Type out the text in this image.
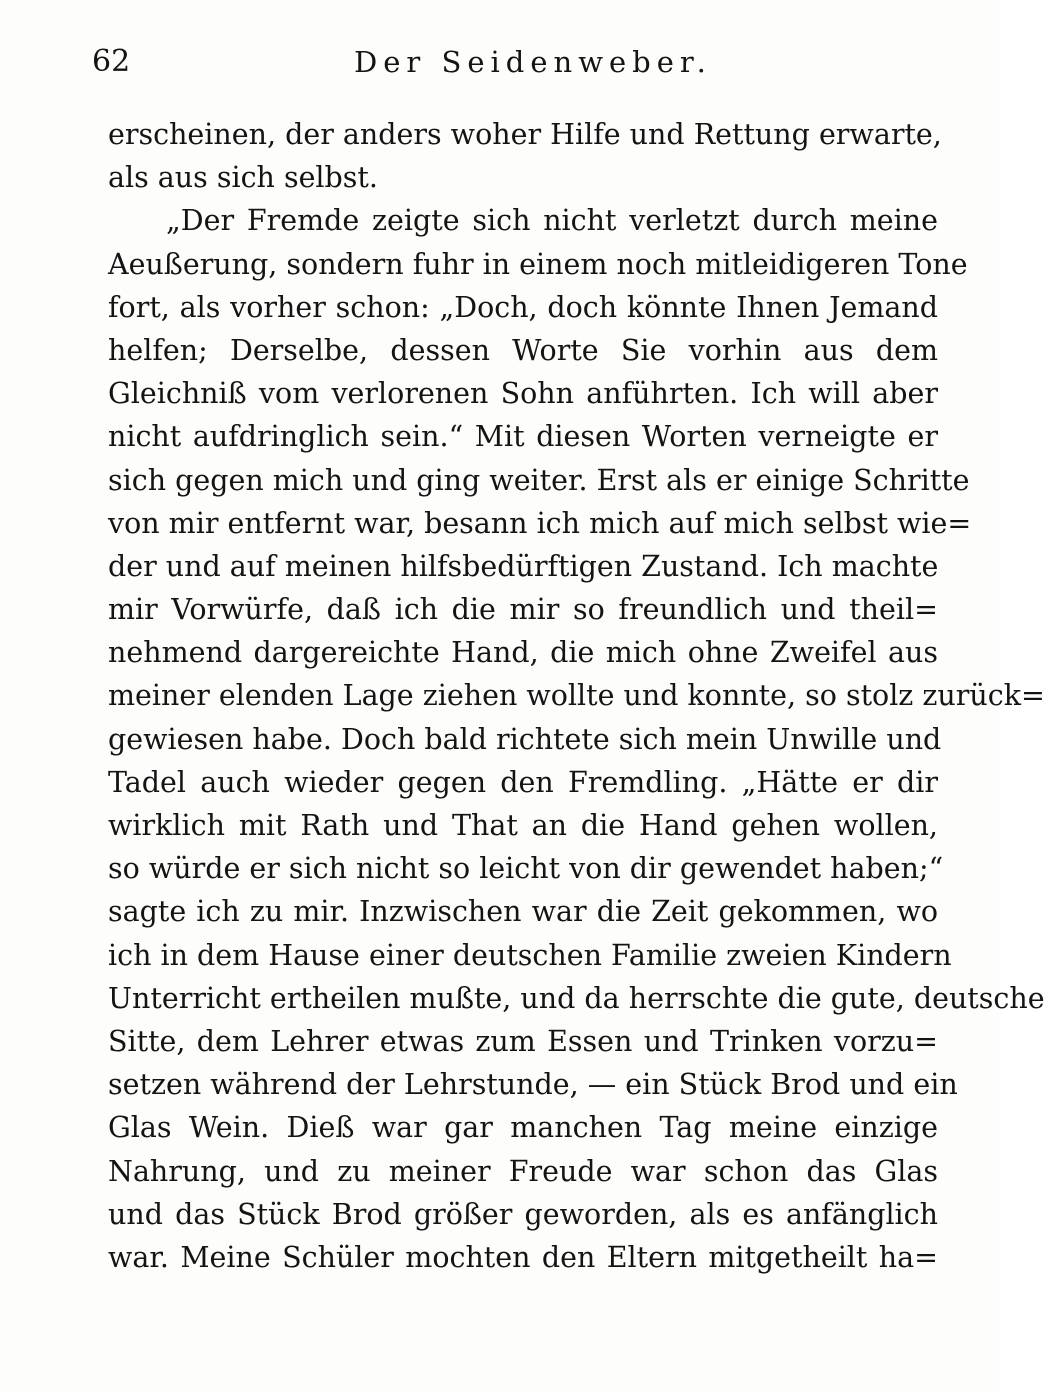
62	Der Seidenweber.
erscheinen, der anders woher Hilfe und Rettung erwarte,
als aus sich selbst.
„Der Fremde zeigte sich nicht verletzt durch meine
Aeußerung, sondern fuhr in einem noch mitleidigeren Tone
fort, als vorher schon: „Doch, doch könnte Ihnen Jemand
helfen; Derselbe, dessen Worte Sie vorhin aus dem
Gleichniß vom verlorenen Sohn anführten. Ich will aber
nicht aufdringlich sein.“ Mit diesen Worten verneigte er
sich gegen mich und ging weiter. Erst als er einige Schritte
von mir entfernt war, besann ich mich auf mich selbst wie=
der und auf meinen hilfsbedürftigen Zustand. Ich machte
mir Vorwürfe, daß ich die mir so freundlich und theil=
nehmend dargereichte Hand, die mich ohne Zweifel aus
meiner elenden Lage ziehen wollte und konnte, so stolz zurück=
gewiesen habe. Doch bald richtete sich mein Unwille und
Tadel auch wieder gegen den Fremdling. „Hätte er dir
wirklich mit Rath und That an die Hand gehen wollen,
so würde er sich nicht so leicht von dir gewendet haben;“
sagte ich zu mir. Inzwischen war die Zeit gekommen, wo
ich in dem Hause einer deutschen Familie zweien Kindern
Unterricht ertheilen mußte, und da herrschte die gute, deutsche
Sitte, dem Lehrer etwas zum Essen und Trinken vorzu=
setzen während der Lehrstunde, — ein Stück Brod und ein
Glas Wein. Dieß war gar manchen Tag meine einzige
Nahrung, und zu meiner Freude war schon das Glas
und das Stück Brod größer geworden, als es anfänglich
war. Meine Schüler mochten den Eltern mitgetheilt ha=
